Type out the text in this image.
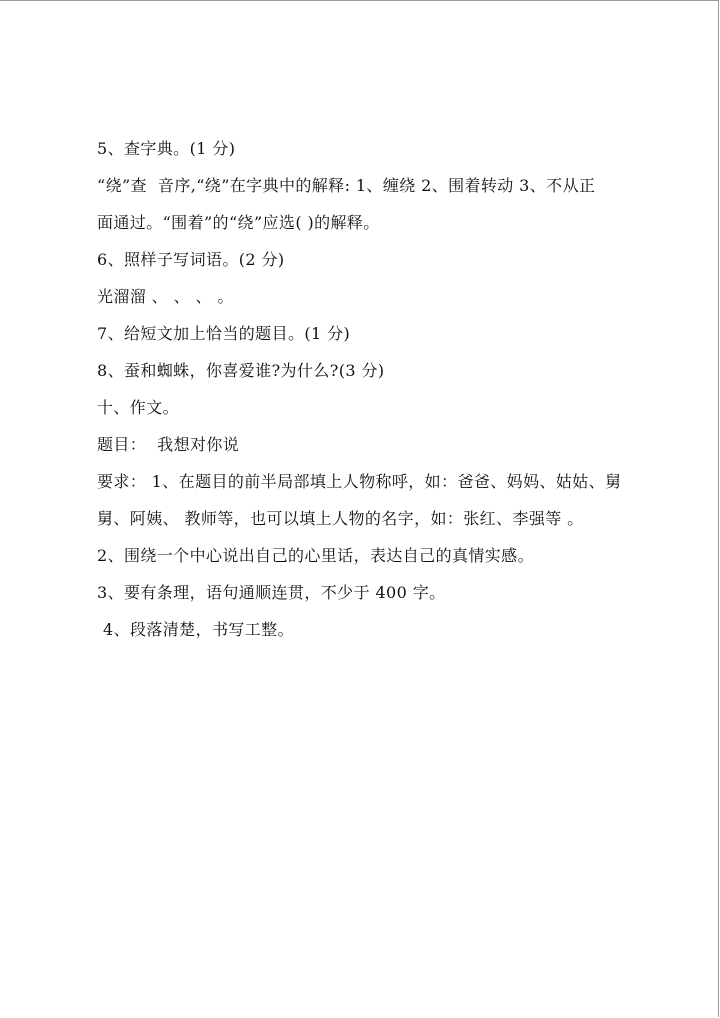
5、查字典。(1 分)
“绕”查  音序,“绕”在字典中的解释: 1、缠绕 2、围着转动 3、不从正
面通过。“围着”的“绕”应选( )的解释。
6、照样子写词语。(2 分)
光溜溜 、 、 、 。
7、给短文加上恰当的题目。(1 分)
8、蚕和蜘蛛，你喜爱谁?为什么?(3 分)
十、作文。
题目：  我想对你说
要求： 1、在题目的前半局部填上人物称呼，如：爸爸、妈妈、姑姑、舅
舅、阿姨、 教师等，也可以填上人物的名字，如：张红、李强等 。
2、围绕一个中心说出自己的心里话，表达自己的真情实感。
3、要有条理，语句通顺连贯，不少于 400 字。
4、段落清楚，书写工整。
